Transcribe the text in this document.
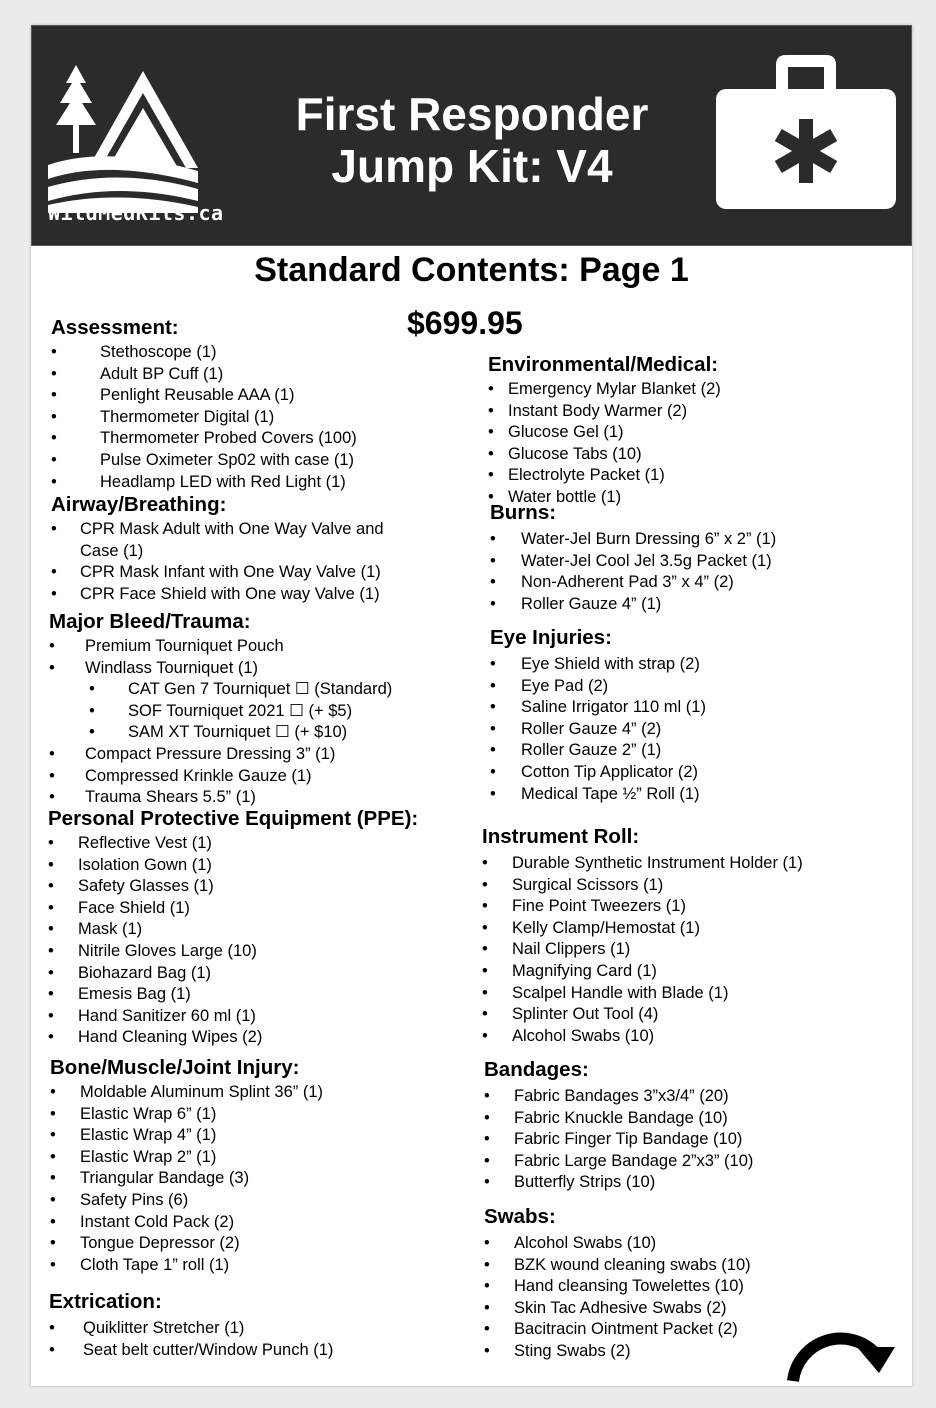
WildMedKits.ca
First Responder
Jump Kit: V4
Standard Contents: Page 1
$699.95
Assessment:
•	Stethoscope (1)
•	Adult BP Cuff (1)
•	Penlight Reusable AAA (1)
•	Thermometer Digital (1)
•	Thermometer Probed Covers (100)
•	Pulse Oximeter Sp02 with case (1)
•	Headlamp LED with Red Light (1)
Airway/Breathing:
• CPR Mask Adult with One Way Valve and
Case (1)
• CPR Mask Infant with One Way Valve (1)
• CPR Face Shield with One way Valve (1)
Major Bleed/Trauma:
• Premium Tourniquet Pouch
• Windlass Tourniquet (1)
• CAT Gen 7 Tourniquet ☐ (Standard)
• SOF Tourniquet 2021 ☐ (+ $5)
• SAM XT Tourniquet ☐ (+ $10)
• Compact Pressure Dressing 3” (1)
• Compressed Krinkle Gauze (1)
• Trauma Shears 5.5” (1)
Personal Protective Equipment (PPE):
• Reflective Vest (1)
• Isolation Gown (1)
• Safety Glasses (1)
• Face Shield (1)
• Mask (1)
• Nitrile Gloves Large (10)
• Biohazard Bag (1)
• Emesis Bag (1)
• Hand Sanitizer 60 ml (1)
• Hand Cleaning Wipes (2)
Bone/Muscle/Joint Injury:
• Moldable Aluminum Splint 36” (1)
• Elastic Wrap 6” (1)
• Elastic Wrap 4” (1)
• Elastic Wrap 2” (1)
• Triangular Bandage (3)
• Safety Pins (6)
• Instant Cold Pack (2)
• Tongue Depressor (2)
• Cloth Tape 1” roll (1)
Extrication:
• Quiklitter Stretcher (1)
• Seat belt cutter/Window Punch (1)
Environmental/Medical:
• Emergency Mylar Blanket (2)
• Instant Body Warmer (2)
• Glucose Gel (1)
• Glucose Tabs (10)
• Electrolyte Packet (1)
• Water bottle (1)
Burns:
• Water-Jel Burn Dressing 6” x 2” (1)
• Water-Jel Cool Jel 3.5g Packet (1)
• Non-Adherent Pad 3” x 4” (2)
• Roller Gauze 4” (1)
Eye Injuries:
• Eye Shield with strap (2)
• Eye Pad (2)
• Saline Irrigator 110 ml (1)
• Roller Gauze 4” (2)
• Roller Gauze 2” (1)
• Cotton Tip Applicator (2)
• Medical Tape ½” Roll (1)
Instrument Roll:
• Durable Synthetic Instrument Holder (1)
• Surgical Scissors (1)
• Fine Point Tweezers (1)
• Kelly Clamp/Hemostat (1)
• Nail Clippers (1)
• Magnifying Card (1)
• Scalpel Handle with Blade (1)
• Splinter Out Tool (4)
• Alcohol Swabs (10)
Bandages:
• Fabric Bandages 3”x3/4” (20)
• Fabric Knuckle Bandage (10)
• Fabric Finger Tip Bandage (10)
• Fabric Large Bandage 2”x3” (10)
• Butterfly Strips (10)
Swabs:
• Alcohol Swabs (10)
• BZK wound cleaning swabs (10)
• Hand cleansing Towelettes (10)
• Skin Tac Adhesive Swabs (2)
• Bacitracin Ointment Packet (2)
• Sting Swabs (2)
